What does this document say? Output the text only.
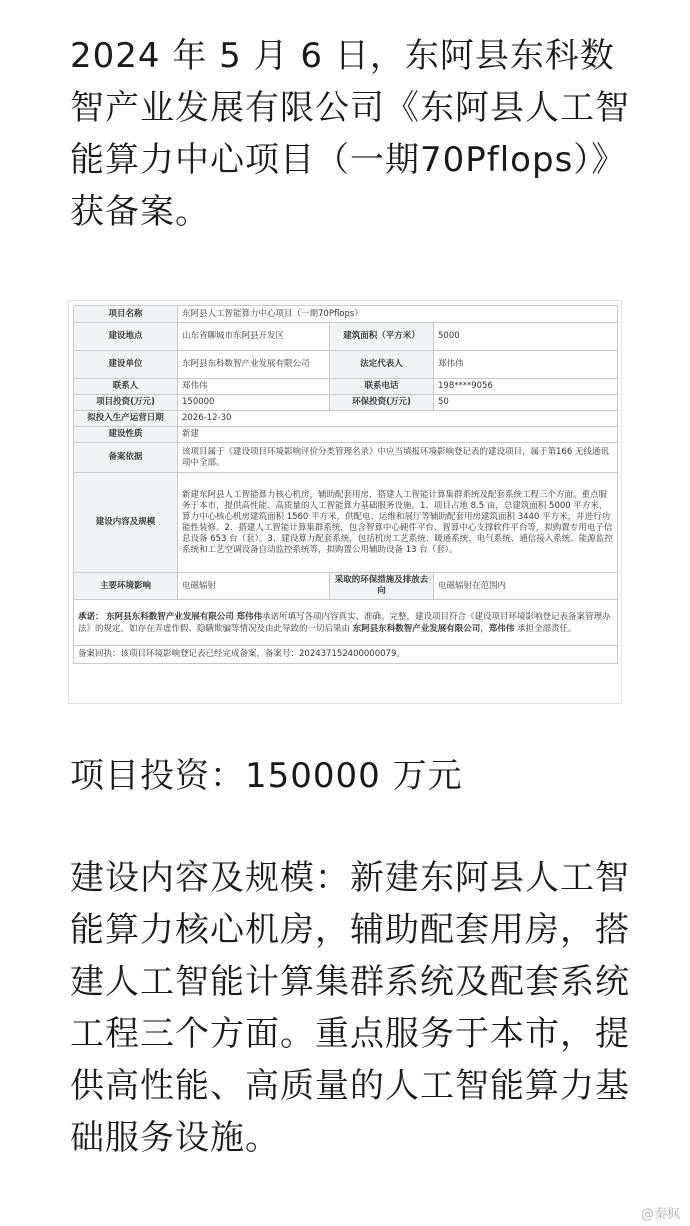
2024 年 5 月 6 日，东阿县东科数智产业发展有限公司《东阿县人工智能算力中心项目（一期70Pflops）》获备案。

项目名称	东阿县人工智能算力中心项目（一期70Pflops）		
建设地点	山东省聊城市东阿县开发区	建筑面积（平方米）	5000
建设单位	东阿县东科数智产业发展有限公司	法定代表人	郑伟伟
联系人	郑伟伟	联系电话	198****9056
项目投资(万元)	150000	环保投资(万元)	50
拟投入生产运营日期	2026-12-30		
建设性质	新建		
备案依据	该项目属于《建设项目环境影响评价分类管理名录》中应当填报环境影响登记表的建设项目，属于第166 无线通讯项中全部。		
建设内容及规模	新建东阿县人工智能算力核心机房，辅助配套用房，搭建人工智能计算集群系统及配套系统工程三个方面。重点服务于本市，提供高性能、高质量的人工智能算力基础服务设施。1、项目占地 8.5 亩，总建筑面积 5000 平方米，算力中心核心机房建筑面积 1560 平方米，供配电、运维和展厅等辅助配套用房建筑面积 3440 平方米，并进行功能性装修。2、搭建人工智能计算集群系统，包含智算中心硬件平台、智算中心支撑软件平台等，拟购置专用电子信息设备 653 台（套）。3、建设算力配套系统，包括机房工艺系统、暖通系统、电气系统、通信接入系统、能源监控系统和工艺空调设备自动监控系统等，拟购置公用辅助设备 13 台（套）。		
主要环境影响	电磁辐射	采取的环保措施及排放去向	电磁辐射在范围内
承诺： 东阿县东科数智产业发展有限公司 郑伟伟承诺所填写各项内容真实、准确、完整，建设项目符合《建设项目环境影响登记表备案管理办法》的规定。如存在弄虚作假、隐瞒欺骗等情况及由此导致的一切后果由 东阿县东科数智产业发展有限公司，郑伟伟 承担全部责任。			
备案回执：该项目环境影响登记表已经完成备案，备案号：202437152400000079。			

项目投资：150000 万元

建设内容及规模：新建东阿县人工智能算力核心机房，辅助配套用房，搭建人工智能计算集群系统及配套系统工程三个方面。重点服务于本市，提供高性能、高质量的人工智能算力基础服务设施。

@秦枫
